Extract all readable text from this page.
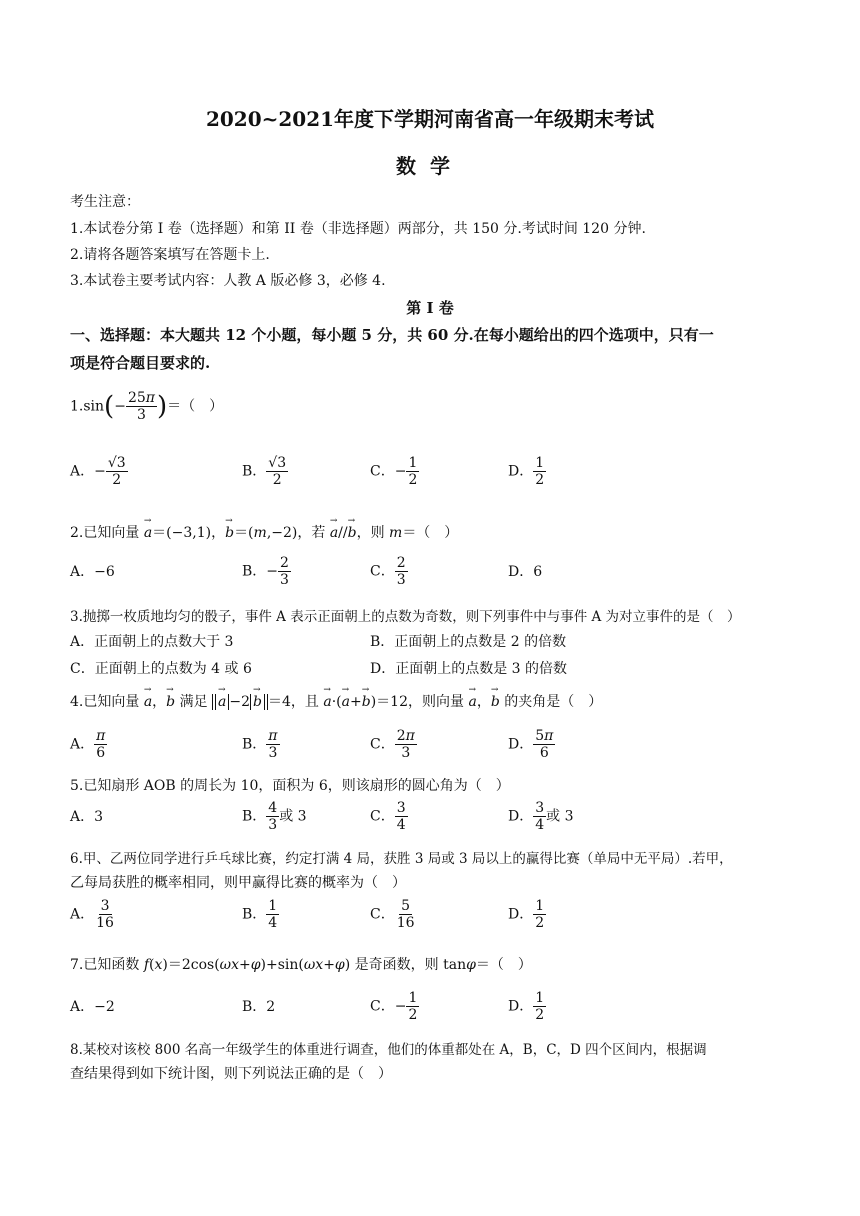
2020~2021年度下学期河南省高一年级期末考试
数学
考生注意：
1.本试卷分第 I 卷（选择题）和第 II 卷（非选择题）两部分，共 150 分.考试时间 120 分钟.
2.请将各题答案填写在答题卡上.
3.本试卷主要考试内容：人教 A 版必修 3，必修 4.
第 I 卷
一、选择题：本大题共 12 个小题，每小题 5 分，共 60 分.在每小题给出的四个选项中，只有一
项是符合题目要求的.
$1.\sin(- \frac{25\pi}{3}$ )＝（　）
A．− $\frac{√3}{2}$	B． $\frac{√3}{2}$	C．− $\frac{1}{2}$	D． $\frac{1}{2}$
2.已知向量 → a＝(−3,1)，→ b＝(m,−2)，若 → a//→ b，则 m＝（　）
A．−6	B．− $\frac{2}{3}$	C． $\frac{2}{3}$	D．6
3.抛掷一枚质地均匀的骰子，事件 A 表示正面朝上的点数为奇数，则下列事件中与事件 A 为对立事件的是（　）
A．正面朝上的点数大于 3	B．正面朝上的点数是 2 的倍数
C．正面朝上的点数为 4 或 6	D．正面朝上的点数是 3 的倍数
4.已知向量 → a，→ b 满足 → a −2→ b ＝4，且 → a·(→ a+→ b)＝12，则向量 → a，→ b 的夹角是（　）
A． $\frac{\pi}{6}$	B． $\frac{\pi}{3}$	C． $\frac{2\pi}{3}$	D． $\frac{5\pi}{6}$
5.已知扇形 AOB 的周长为 10，面积为 6，则该扇形的圆心角为（　）
A．3	B． $\frac{4}{3}$ 或 3	C． $\frac{3}{4}$	D． $\frac{3}{4}$ 或 3
6.甲、乙两位同学进行乒乓球比赛，约定打满 4 局，获胜 3 局或 3 局以上的赢得比赛（单局中无平局）.若甲，
乙每局获胜的概率相同，则甲赢得比赛的概率为（　）
A． $\frac{3}{16}$	B． $\frac{1}{4}$	C． $\frac{5}{16}$	D． $\frac{1}{2}$
7.已知函数 f(x)＝2cos(ωx+φ)+sin(ωx+φ) 是奇函数，则 tanφ＝（　）
A．−2	B．2	C．− $\frac{1}{2}$	D． $\frac{1}{2}$
8.某校对该校 800 名高一年级学生的体重进行调查，他们的体重都处在 A，B，C，D 四个区间内，根据调
查结果得到如下统计图，则下列说法正确的是（　）
